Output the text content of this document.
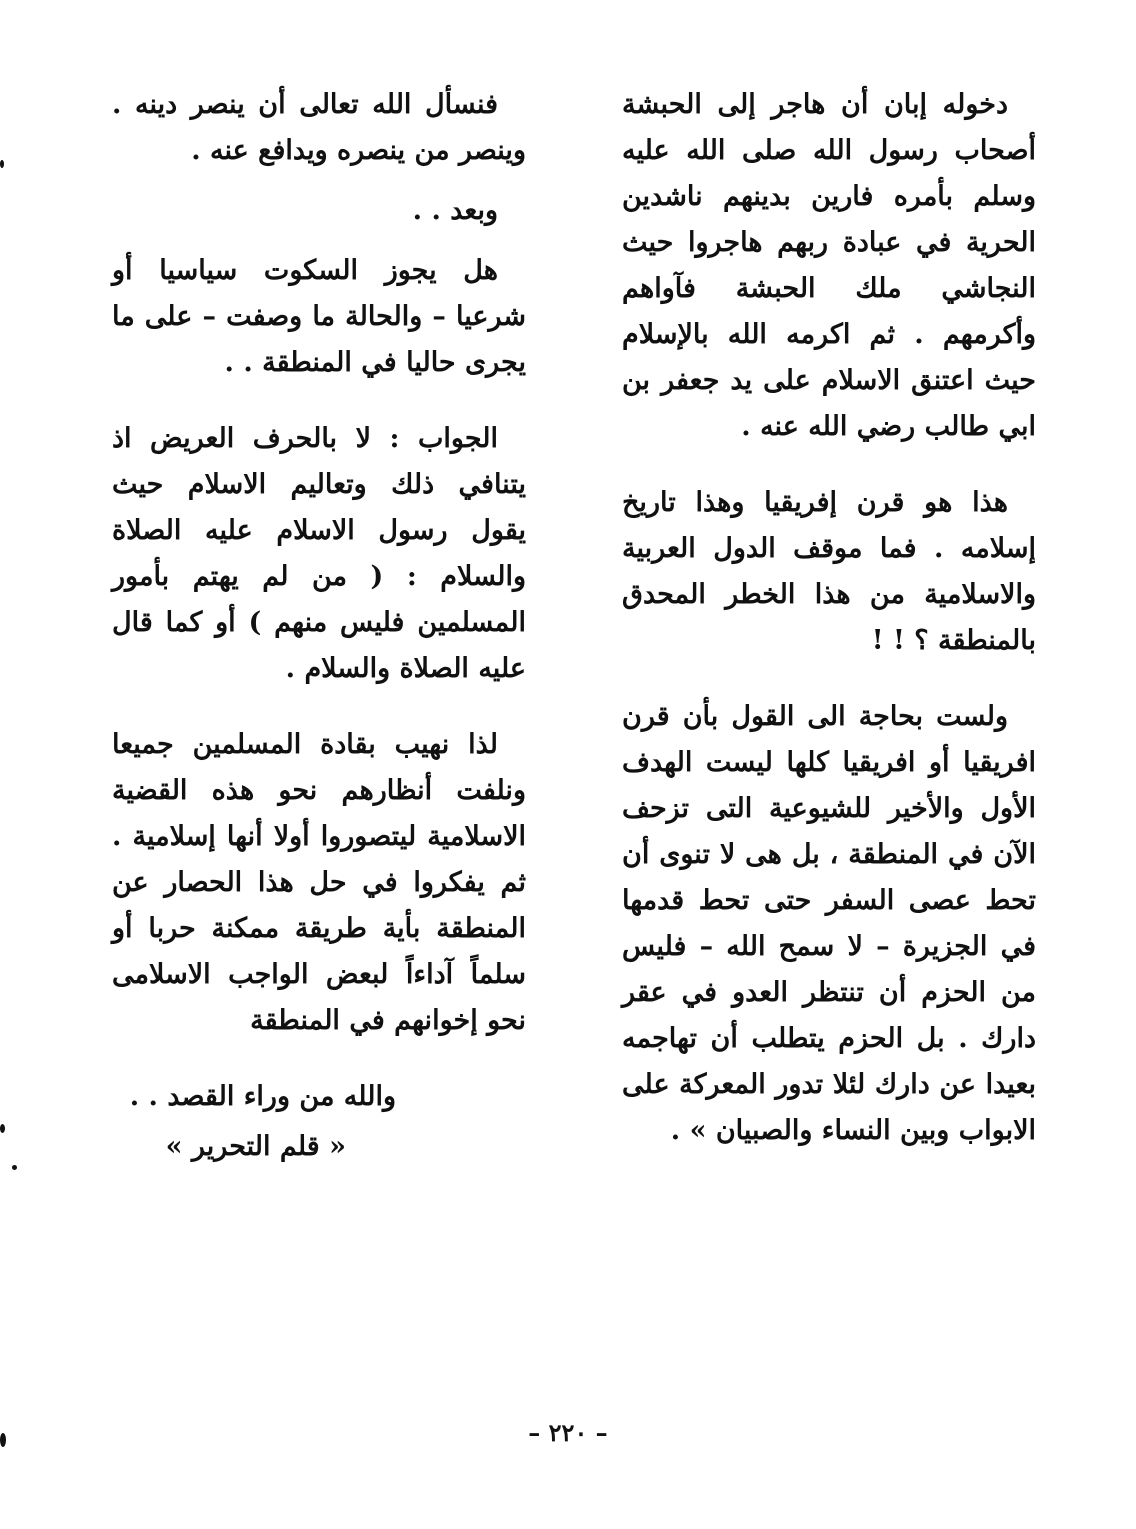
دخوله إبان أن هاجر إلى الحبشة أصحاب رسول الله صلى الله عليه وسلم بأمره فارين بدينهم ناشدين الحرية في عبادة ربهم هاجروا حيث النجاشي ملك الحبشة فآواهم وأكرمهم . ثم اكرمه الله بالإسلام حيث اعتنق الاسلام على يد جعفر بن ابي طالب رضي الله عنه .

هذا هو قرن إفريقيا وهذا تاريخ إسلامه . فما موقف الدول العربية والاسلامية من هذا الخطر المحدق بالمنطقة ؟ ! !

ولست بحاجة الى القول بأن قرن افريقيا أو افريقيا كلها ليست الهدف الأول والأخير للشيوعية التى تزحف الآن في المنطقة ، بل هى لا تنوى أن تحط عصى السفر حتى تحط قدمها في الجزيرة – لا سمح الله – فليس من الحزم أن تنتظر العدو في عقر دارك . بل الحزم يتطلب أن تهاجمه بعيدا عن دارك لئلا تدور المعركة على الابواب وبين النساء والصبيان » .

فنسأل الله تعالى أن ينصر دينه . وينصر من ينصره ويدافع عنه .

وبعد . .

هل يجوز السكوت سياسيا أو شرعيا – والحالة ما وصفت – على ما يجرى حاليا في المنطقة . .

الجواب : لا بالحرف العريض اذ يتنافي ذلك وتعاليم الاسلام حيث يقول رسول الاسلام عليه الصلاة والسلام : ( من لم يهتم بأمور المسلمين فليس منهم ) أو كما قال عليه الصلاة والسلام .

لذا نهيب بقادة المسلمين جميعا ونلفت أنظارهم نحو هذه القضية الاسلامية ليتصوروا أولا أنها إسلامية . ثم يفكروا في حل هذا الحصار عن المنطقة بأية طريقة ممكنة حربا أو سلماً آداءاً لبعض الواجب الاسلامى نحو إخوانهم في المنطقة

والله من وراء القصد . .

« قلم التحرير »

– ٢٢٠ –
